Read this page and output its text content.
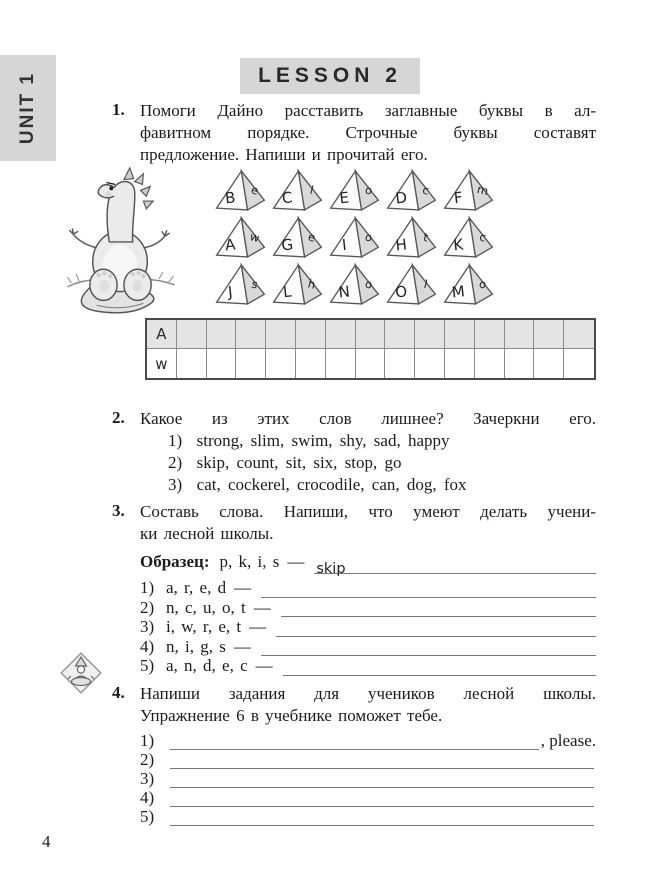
UNIT 1	LESSON 2
1. Помоги Дайно расставить заглавные буквы в ал-
фавитном порядке. Строчные буквы составят
предложение. Напиши и прочитай его.
B e C l E o D c F m
A w G e I o H t K c
J s L h N o O l M o
A
w
2. Какое из этих слов лишнее? Зачеркни его.
1) strong, slim, swim, shy, sad, happy
2) skip, count, sit, six, stop, go
3) cat, cockerel, crocodile, can, dog, fox
3. Составь слова. Напиши, что умеют делать учени-
ки лесной школы.
Образец: p, k, i, s — skip
1) a, r, e, d —
2) n, c, u, o, t —
3) i, w, r, e, t —
4) n, i, g, s —
5) a, n, d, e, c —
4. Напиши задания для учеников лесной школы.
Упражнение 6 в учебнике поможет тебе.
1)	, please.
2)
3)
4)
5)
4
